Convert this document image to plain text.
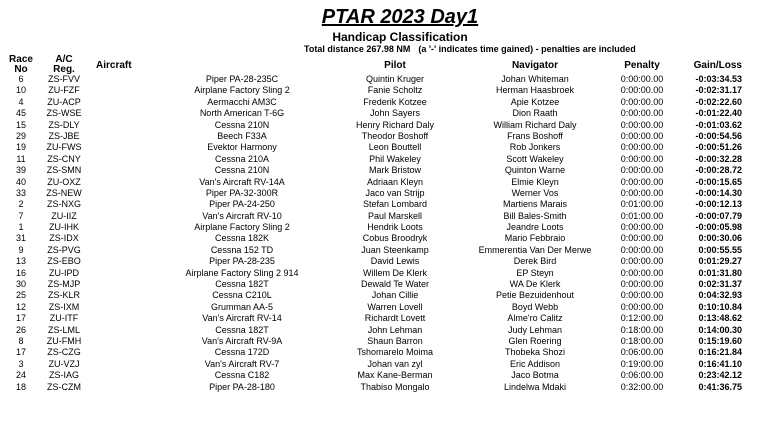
PTAR 2023 Day1
Handicap Classification
Total distance 267.98 NM (a '-' indicates time gained) - penalties are included
Race
No
A/C
Reg.	Aircraft	Pilot	Navigator	Penalty	Gain/Loss
6	ZS-FVV	Piper PA-28-235C	Quintin Kruger	Johan Whiteman	0:00:00.00	-0:03:34.53
10	ZU-FZF	Airplane Factory Sling 2	Fanie Scholtz	Herman Haasbroek	0:00:00.00	-0:02:31.17
4	ZU-ACP	Aermacchi AM3C	Frederik Kotzee	Apie Kotzee	0:00:00.00	-0:02:22.60
45	ZS-WSE	North American T-6G	John Sayers	Dion Raath	0:00:00.00	-0:01:22.40
15	ZS-DLY	Cessna 210N	Henry Richard Daly	William Richard Daly	0:00:00.00	-0:01:03.62
29	ZS-JBE	Beech F33A	Theodor Boshoff	Frans Boshoff	0:00:00.00	-0:00:54.56
19	ZU-FWS	Evektor Harmony	Leon Bouttell	Rob Jonkers	0:00:00.00	-0:00:51.26
11	ZS-CNY	Cessna 210A	Phil Wakeley	Scott Wakeley	0:00:00.00	-0:00:32.28
39	ZS-SMN	Cessna 210N	Mark Bristow	Quinton Warne	0:00:00.00	-0:00:28.72
40	ZU-OXZ	Van's Aircraft RV-14A	Adriaan Kleyn	Elmie Kleyn	0:00:00.00	-0:00:15.65
33	ZS-NEW	Piper PA-32-300R	Jaco van Strijp	Werner Vos	0:00:00.00	-0:00:14.30
2	ZS-NXG	Piper PA-24-250	Stefan Lombard	Martiens Marais	0:01:00.00	-0:00:12.13
7	ZU-IIZ	Van's Aircraft RV-10	Paul Marskell	Bill Bales-Smith	0:01:00.00	-0:00:07.79
1	ZU-IHK	Airplane Factory Sling 2	Hendrik Loots	Jeandre Loots	0:00:00.00	-0:00:05.98
31	ZS-IDX	Cessna 182K	Cobus Broodryk	Mario Febbraio	0:00:00.00	0:00:30.06
9	ZS-PVG	Cessna 152 TD	Juan Steenkamp	Emmerentia Van Der Merwe	0:00:00.00	0:00:55.55
13	ZS-EBO	Piper PA-28-235	David Lewis	Derek Bird	0:00:00.00	0:01:29.27
16	ZU-IPD	Airplane Factory Sling 2 914	Willem De Klerk	EP Steyn	0:00:00.00	0:01:31.80
30	ZS-MJP	Cessna 182T	Dewald Te Water	WA De Klerk	0:00:00.00	0:02:31.37
25	ZS-KLR	Cessna C210L	Johan Cillie	Petie Bezuidenhout	0:00:00.00	0:04:32.93
12	ZS-IXM	Grumman AA-5	Warren Lovell	Boyd Webb	0:00:00.00	0:10:10.84
17	ZU-ITF	Van's Aircraft RV-14	Richardt Lovett	Alme'ro Calitz	0:12:00.00	0:13:48.62
26	ZS-LML	Cessna 182T	John Lehman	Judy Lehman	0:18:00.00	0:14:00.30
8	ZU-FMH	Van's Aircraft RV-9A	Shaun Barron	Glen Roering	0:18:00.00	0:15:19.60
17	ZS-CZG	Cessna 172D	Tshomarelo Moima	Thobeka Shozi	0:06:00.00	0:16:21.84
3	ZU-VZJ	Van's Aircraft RV-7	Johan van zyl	Eric Addison	0:19:00.00	0:16:41.10
24	ZS-IAG	Cessna C182	Max Kane-Berman	Jaco Botma	0:06:00.00	0:23:42.12
18	ZS-CZM	Piper PA-28-180	Thabiso Mongalo	Lindelwa Mdaki	0:32:00.00	0:41:36.75
